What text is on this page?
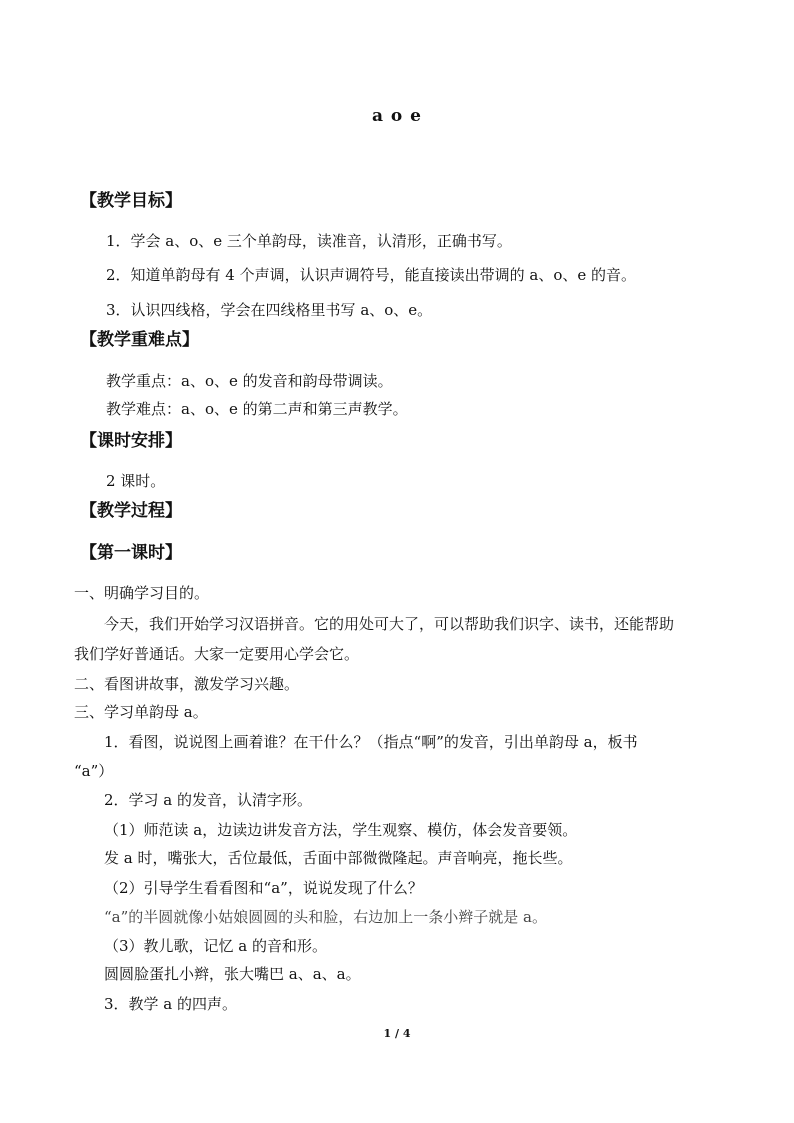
a o e
【教学目标】
1．学会 a、o、e 三个单韵母，读准音，认清形，正确书写。
2．知道单韵母有 4 个声调，认识声调符号，能直接读出带调的 a、o、e 的音。
3．认识四线格，学会在四线格里书写 a、o、e。
【教学重难点】
教学重点：a、o、e 的发音和韵母带调读。
教学难点：a、o、e 的第二声和第三声教学。
【课时安排】
2 课时。
【教学过程】
【第一课时】
一、明确学习目的。
今天，我们开始学习汉语拼音。它的用处可大了，可以帮助我们识字、读书，还能帮助
我们学好普通话。大家一定要用心学会它。
二、看图讲故事，激发学习兴趣。
三、学习单韵母 a。
1．看图，说说图上画着谁？在干什么？（指点“啊”的发音，引出单韵母 a，板书
“a”）
2．学习 a 的发音，认清字形。
（1）师范读 a，边读边讲发音方法，学生观察、模仿，体会发音要领。
发 a 时，嘴张大，舌位最低，舌面中部微微隆起。声音响亮，拖长些。
（2）引导学生看看图和“a”，说说发现了什么？
“a”的半圆就像小姑娘圆圆的头和脸，右边加上一条小辫子就是 a。
（3）教儿歌，记忆 a 的音和形。
圆圆脸蛋扎小辫，张大嘴巴 a、a、a。
3．教学 a 的四声。
1 / 4
